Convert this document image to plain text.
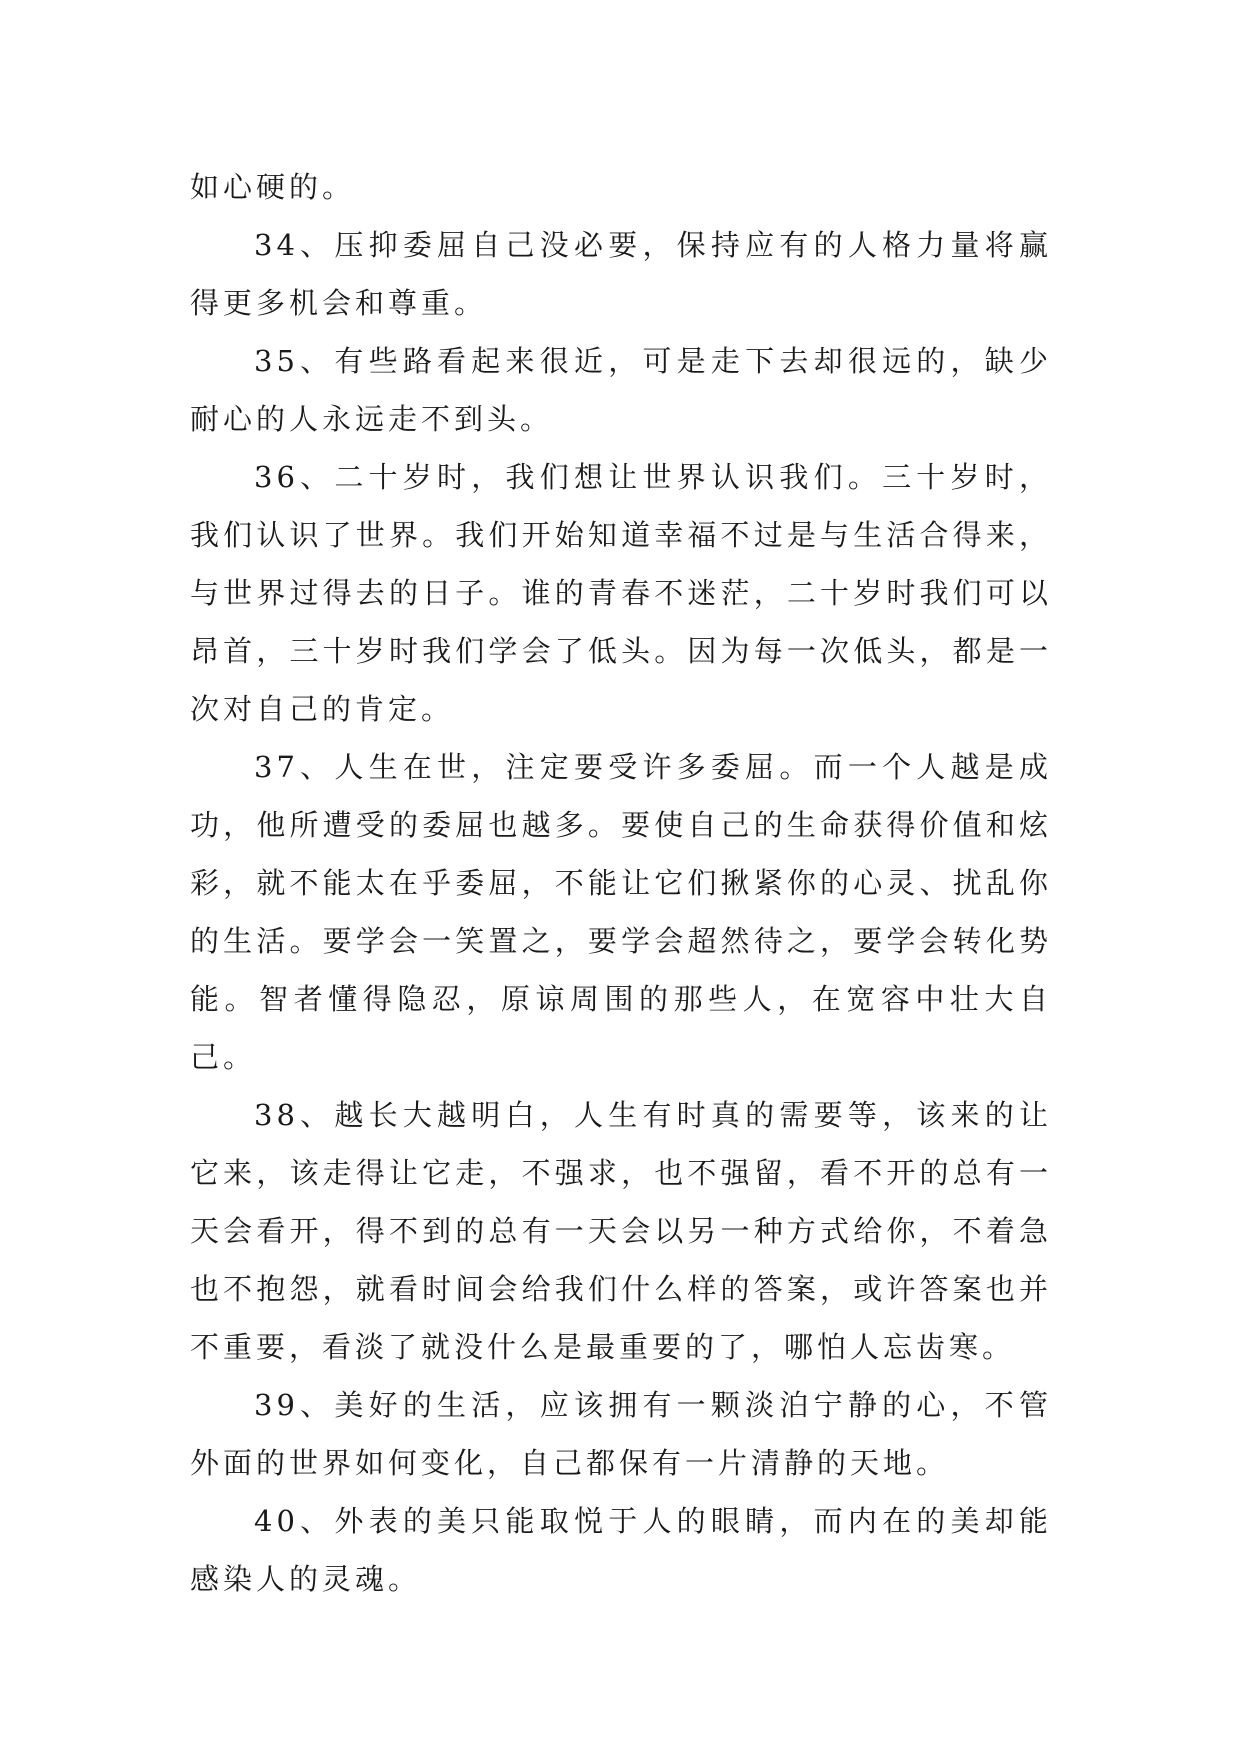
如心硬的。

34、压抑委屈自己没必要，保持应有的人格力量将赢得更多机会和尊重。

35、有些路看起来很近，可是走下去却很远的，缺少耐心的人永远走不到头。

36、二十岁时，我们想让世界认识我们。三十岁时，我们认识了世界。我们开始知道幸福不过是与生活合得来，与世界过得去的日子。谁的青春不迷茫，二十岁时我们可以昂首，三十岁时我们学会了低头。因为每一次低头，都是一次对自己的肯定。

37、人生在世，注定要受许多委屈。而一个人越是成功，他所遭受的委屈也越多。要使自己的生命获得价值和炫彩，就不能太在乎委屈，不能让它们揪紧你的心灵、扰乱你的生活。要学会一笑置之，要学会超然待之，要学会转化势能。智者懂得隐忍，原谅周围的那些人，在宽容中壮大自己。

38、越长大越明白，人生有时真的需要等，该来的让它来，该走得让它走，不强求，也不强留，看不开的总有一天会看开，得不到的总有一天会以另一种方式给你，不着急也不抱怨，就看时间会给我们什么样的答案，或许答案也并不重要，看淡了就没什么是最重要的了，哪怕人忘齿寒。

39、美好的生活，应该拥有一颗淡泊宁静的心，不管外面的世界如何变化，自己都保有一片清静的天地。

40、外表的美只能取悦于人的眼睛，而内在的美却能感染人的灵魂。
